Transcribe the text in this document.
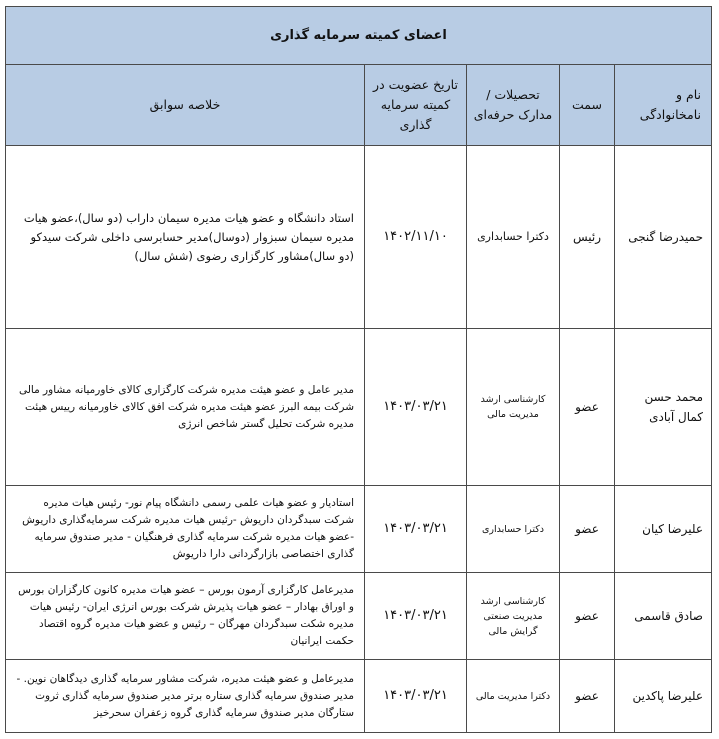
اعضای کمیته سرمایه گذاری				
نام و نامخانوادگی	سمت	تحصیلات / مدارک حرفه‌ای	تاریخ عضویت در کمیته سرمایه گذاری	خلاصه سوابق
حمیدرضا گنجی	رئیس	دکترا حسابداری	۱۴۰۲/۱۱/۱۰	استاد دانشگاه و عضو هیات مدیره سیمان داراب (دو سال)،عضو هیات مدیره سیمان سبزوار (دوسال)مدیر حسابرسی داخلی شرکت سیدکو (دو سال)مشاور کارگزاری رضوی (شش سال)
محمد حسن کمال آبادی	عضو	کارشناسی ارشد مدیریت مالی	۱۴۰۳/۰۳/۲۱	مدیر عامل و عضو هیئت مدیره شرکت کارگزاری کالای خاورمیانه مشاور مالی شرکت بیمه البرز عضو هیئت مدیره شرکت افق کالای خاورمیانه رییس هیئت مدیره شرکت تحلیل گستر شاخص انرژی
علیرضا کیان	عضو	دکترا حسابداری	۱۴۰۳/۰۳/۲۱	استادیار و عضو هیات علمی رسمی دانشگاه پیام نور- رئیس هیات مدیره شرکت سبدگردان داریوش -رئیس هیات مدیره شرکت سرمایه‌گذاری داریوش -عضو هیات مدیره شرکت سرمایه گذاری فرهنگیان - مدیر صندوق سرمایه گذاری اختصاصی بازارگردانی دارا داریوش
صادق قاسمی	عضو	کارشناسی ارشد مدیریت صنعتی گرایش مالی	۱۴۰۳/۰۳/۲۱	مدیرعامل کارگزاری آرمون بورس – عضو هیات مدیره کانون کارگزاران بورس و اوراق بهادار – عضو هیات پذیرش شرکت بورس انرژی ایران- رئیس هیات مدیره شکت سبدگردان مهرگان – رئیس و عضو هیات مدیره گروه اقتصاد حکمت ایرانیان
علیرضا پاکدین	عضو	دکترا مدیریت مالی	۱۴۰۳/۰۳/۲۱	مدیرعامل و عضو هیئت مدیره، شرکت مشاور سرمایه گذاری دیدگاهان نوین. - مدیر صندوق سرمایه گذاری ستاره برتر مدیر صندوق سرمایه گذاری ثروت ستارگان مدیر صندوق سرمایه گذاری گروه زعفران سحرخیز
